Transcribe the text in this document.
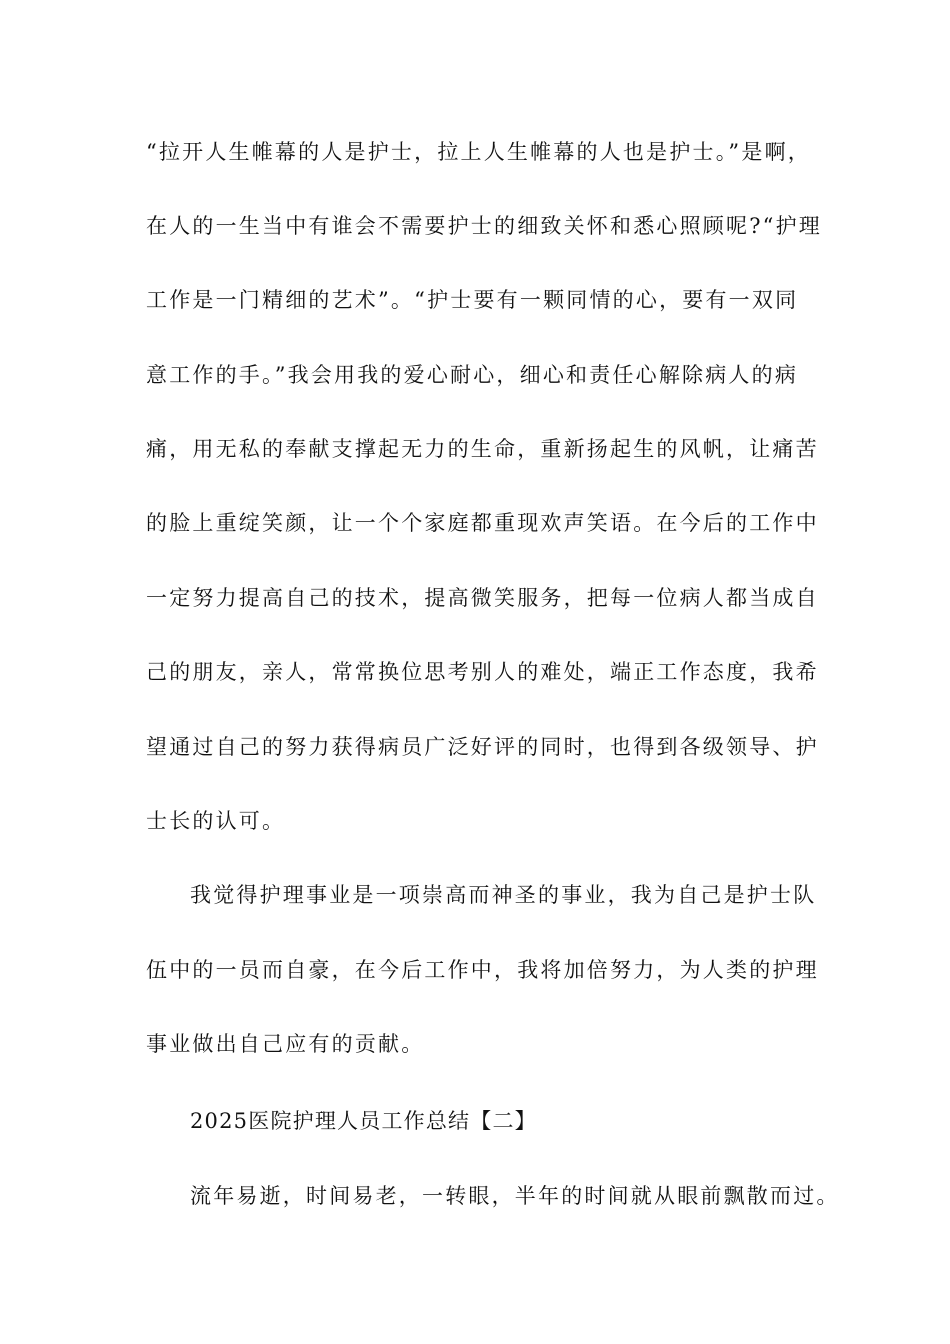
“拉开人生帷幕的人是护士，拉上人生帷幕的人也是护士。”是啊，
在人的一生当中有谁会不需要护士的细致关怀和悉心照顾呢?“护理
工作是一门精细的艺术”。“护士要有一颗同情的心，要有一双同
意工作的手。”我会用我的爱心耐心，细心和责任心解除病人的病
痛，用无私的奉献支撑起无力的生命，重新扬起生的风帆，让痛苦
的脸上重绽笑颜，让一个个家庭都重现欢声笑语。在今后的工作中
一定努力提高自己的技术，提高微笑服务，把每一位病人都当成自
己的朋友，亲人，常常换位思考别人的难处，端正工作态度，我希
望通过自己的努力获得病员广泛好评的同时，也得到各级领导、护
士长的认可。
我觉得护理事业是一项崇高而神圣的事业，我为自己是护士队
伍中的一员而自豪，在今后工作中，我将加倍努力，为人类的护理
事业做出自己应有的贡献。
2025医院护理人员工作总结【二】
流年易逝，时间易老，一转眼，半年的时间就从眼前飘散而过。
